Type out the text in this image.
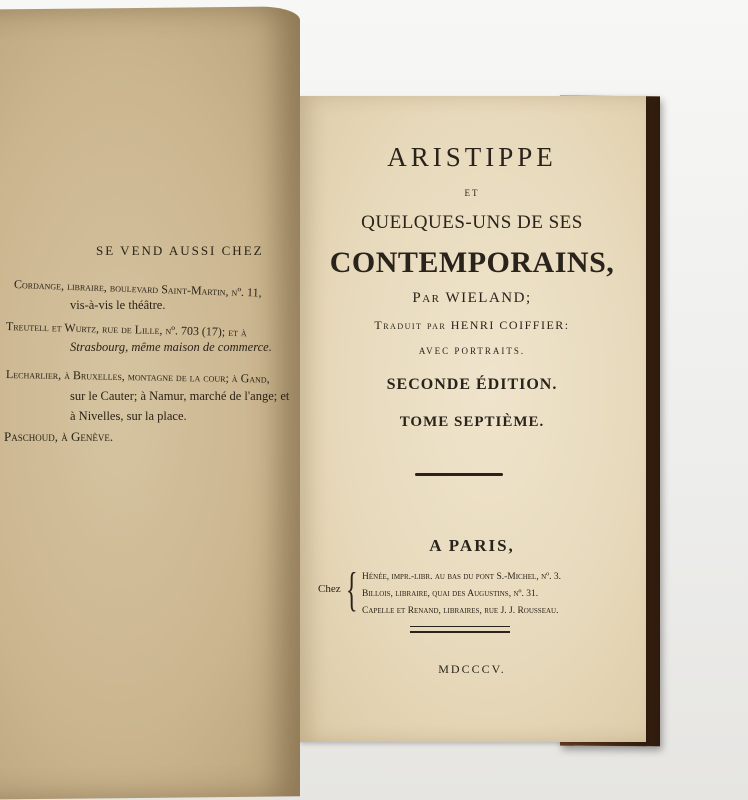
SE VEND AUSSI CHEZ
Cordange, libraire, boulevard Saint-Martin, nº. 11,
vis-à-vis le théâtre.
Treutell et Wurtz, rue de Lille, nº. 703 (17); et à
Strasbourg, même maison de commerce.
Lecharlier, à Bruxelles, montagne de la cour; à Gand,
sur le Cauter; à Namur, marché de l'ange; et
à Nivelles, sur la place.
Paschoud, à Genève.
ARISTIPPE
ET
QUELQUES-UNS DE SES
CONTEMPORAINS,
Par WIELAND;
Traduit par HENRI COIFFIER:
AVEC PORTRAITS.
SECONDE ÉDITION.
TOME SEPTIÈME.
A PARIS,
Chez { Hénée, impr.-libr. au bas du pont S.-Michel, nº. 3.
Billois, libraire, quai des Augustins, nº. 31.
Capelle et Renand, libraires, rue J. J. Rousseau.
MDCCCV.
